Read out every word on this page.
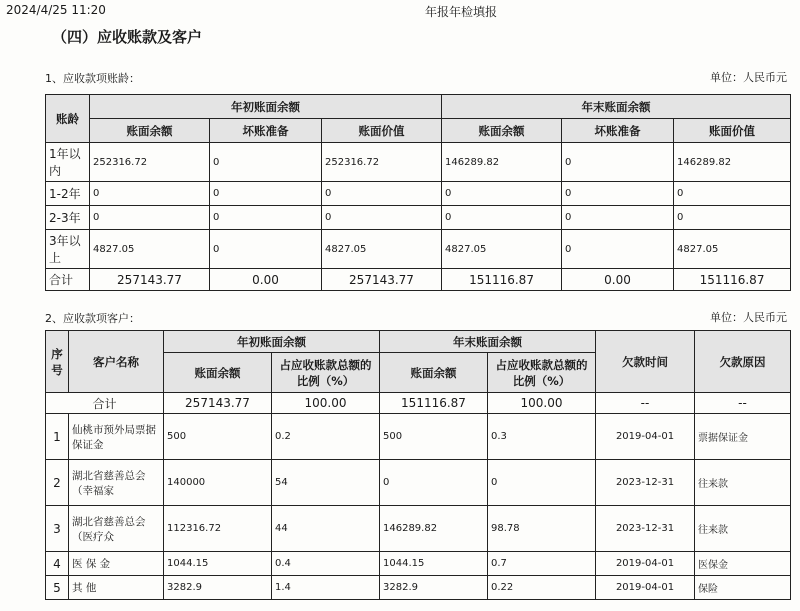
2024/4/25 11:20	年报年检填报
（四）应收账款及客户
1、应收款项账龄：	单位：人民币元
账龄	年初账面余额			年末账面余额		
	账面余额	坏账准备	账面价值	账面余额	坏账准备	账面价值
1年以内	252316.72	0	252316.72	146289.82	0	146289.82
1-2年	0	0	0	0	0	0
2-3年	0	0	0	0	0	0
3年以上	4827.05	0	4827.05	4827.05	0	4827.05
合计	257143.77	0.00	257143.77	151116.87	0.00	151116.87
2、应收款项客户：	单位：人民币元
序号	客户名称	年初账面余额		年末账面余额		欠款时间	欠款原因
		账面余额	占应收账款总额的比例（%）	账面余额	占应收账款总额的比例（%）		
合计		257143.77	100.00	151116.87	100.00	--	--
1	仙桃市预外局票据保证金	500	0.2	500	0.3	2019-04-01	票据保证金
2	湖北省慈善总会（幸福家	140000	54	0	0	2023-12-31	往来款
3	湖北省慈善总会（医疗众	112316.72	44	146289.82	98.78	2023-12-31	往来款
4	医 保 金	1044.15	0.4	1044.15	0.7	2019-04-01	医保金
5	其 他	3282.9	1.4	3282.9	0.22	2019-04-01	保险
